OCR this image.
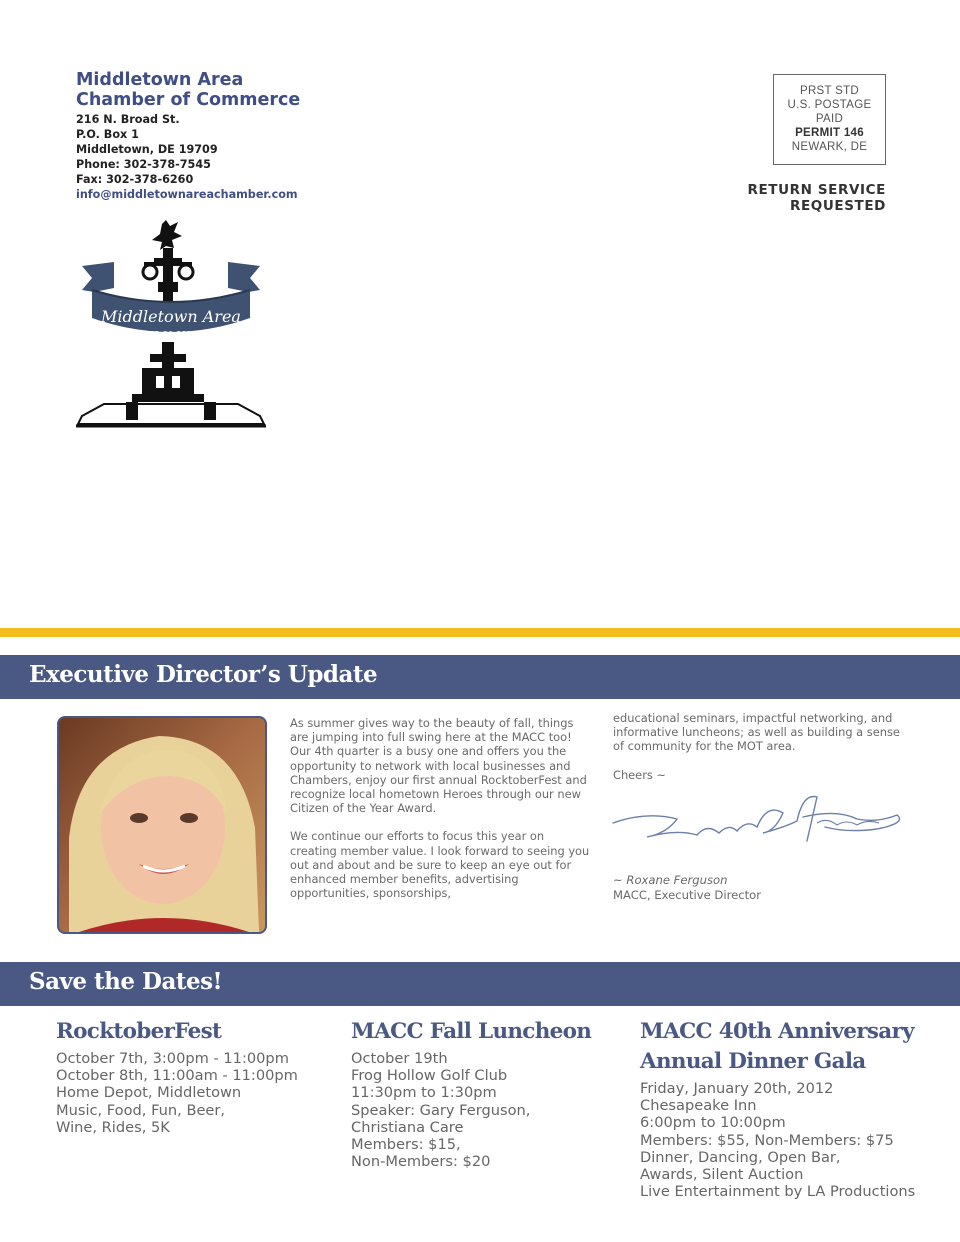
Middletown Area
Chamber of Commerce
216 N. Broad St.
P.O. Box 1
Middletown, DE 19709
Phone: 302-378-7545
Fax: 302-378-6260
info@middletownareachamber.com
PRST STD
U.S. POSTAGE
PAID
PERMIT 146
NEWARK, DE
RETURN SERVICE REQUESTED
Middletown Area
CHAMBER OF COMMERCE
Executive Director’s Update

As summer gives way to the beauty of fall, things are jumping into full swing here at the MACC too! Our 4th quarter is a busy one and offers you the opportunity to network with local businesses and Chambers, enjoy our first annual RocktoberFest and recognize local hometown Heroes through our new Citizen of the Year Award.

We continue our efforts to focus this year on creating member value. I look forward to seeing you out and about and be sure to keep an eye out for enhanced member benefits, advertising opportunities, sponsorships,

educational seminars, impactful networking, and informative luncheons; as well as building a sense of community for the MOT area.

Cheers ~
~ Roxane Ferguson
MACC, Executive Director
Save the Dates!
RocktoberFest
October 7th, 3:00pm - 11:00pm
October 8th, 11:00am - 11:00pm
Home Depot, Middletown
Music, Food, Fun, Beer,
Wine, Rides, 5K
MACC Fall Luncheon
October 19th
Frog Hollow Golf Club
11:30pm to 1:30pm
Speaker: Gary Ferguson,
Christiana Care
Members: $15,
Non-Members: $20
MACC 40th Anniversary
Annual Dinner Gala
Friday, January 20th, 2012
Chesapeake Inn
6:00pm to 10:00pm
Members: $55, Non-Members: $75
Dinner, Dancing, Open Bar,
Awards, Silent Auction
Live Entertainment by LA Productions
